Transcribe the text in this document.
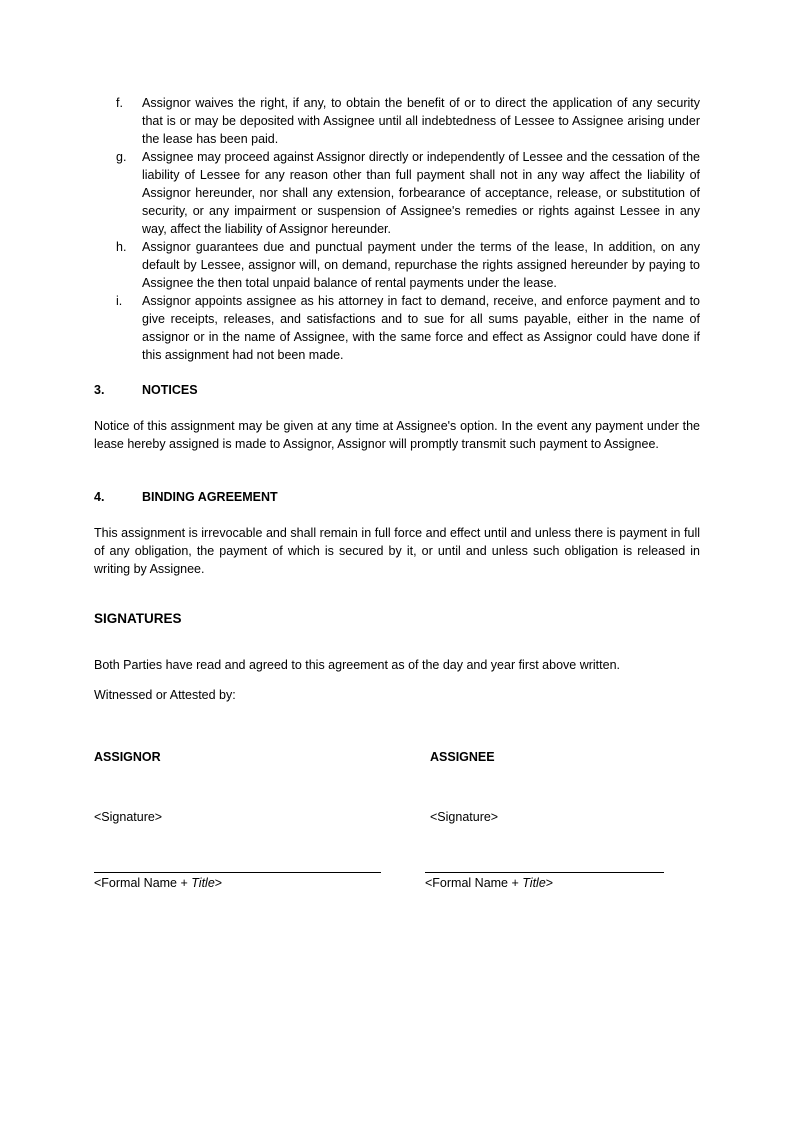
f. Assignor waives the right, if any, to obtain the benefit of or to direct the application of any security that is or may be deposited with Assignee until all indebtedness of Lessee to Assignee arising under the lease has been paid.

g. Assignee may proceed against Assignor directly or independently of Lessee and the cessation of the liability of Lessee for any reason other than full payment shall not in any way affect the liability of Assignor hereunder, nor shall any extension, forbearance of acceptance, release, or substitution of security, or any impairment or suspension of Assignee's remedies or rights against Lessee in any way, affect the liability of Assignor hereunder.

h. Assignor guarantees due and punctual payment under the terms of the lease, In addition, on any default by Lessee, assignor will, on demand, repurchase the rights assigned hereunder by paying to Assignee the then total unpaid balance of rental payments under the lease.

i. Assignor appoints assignee as his attorney in fact to demand, receive, and enforce payment and to give receipts, releases, and satisfactions and to sue for all sums payable, either in the name of assignor or in the name of Assignee, with the same force and effect as Assignor could have done if this assignment had not been made.

3.	NOTICES

Notice of this assignment may be given at any time at Assignee's option. In the event any payment under the lease hereby assigned is made to Assignor, Assignor will promptly transmit such payment to Assignee.

4.	BINDING AGREEMENT

This assignment is irrevocable and shall remain in full force and effect until and unless there is payment in full of any obligation, the payment of which is secured by it, or until and unless such obligation is released in writing by Assignee.

SIGNATURES
Both Parties have read and agreed to this agreement as of the day and year first above written.
Witnessed or Attested by:
ASSIGNOR	ASSIGNEE
<Signature>	<Signature>
<Formal Name + Title>	<Formal Name + Title>
